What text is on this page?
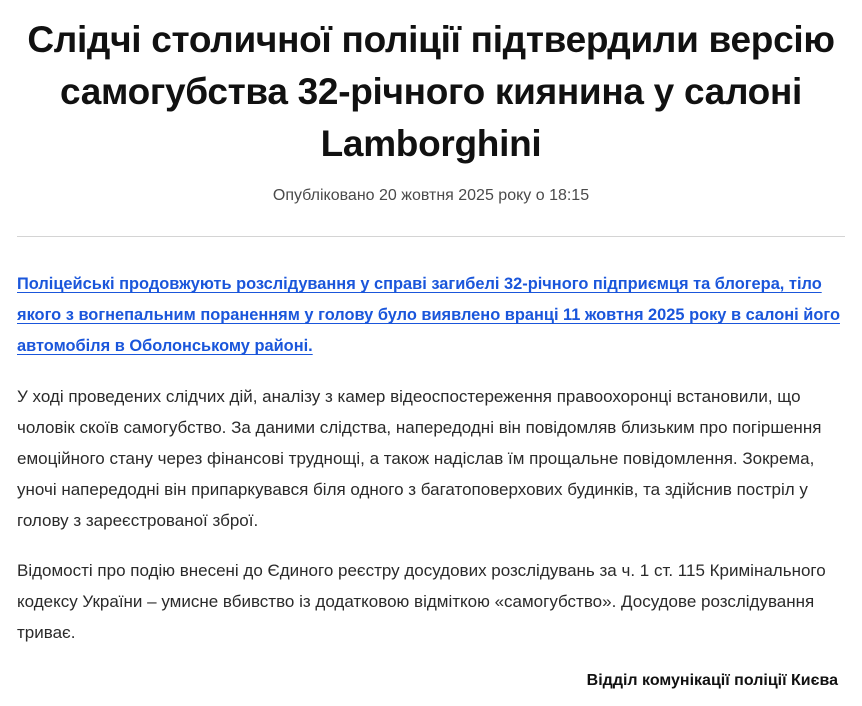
Слідчі столичної поліції підтвердили версію самогубства 32-річного киянина у салоні Lamborghini
Опубліковано 20 жовтня 2025 року о 18:15
Поліцейські продовжують розслідування у справі загибелі 32-річного підприємця та блогера, тіло якого з вогнепальним пораненням у голову було виявлено вранці 11 жовтня 2025 року в салоні його автомобіля в Оболонському районі.

У ході проведених слідчих дій, аналізу з камер відеоспостереження правоохоронці встановили, що чоловік скоїв самогубство. За даними слідства, напередодні він повідомляв близьким про погіршення емоційного стану через фінансові труднощі, а також надіслав їм прощальне повідомлення. Зокрема, уночі напередодні він припаркувався біля одного з багатоповерхових будинків, та здійснив постріл у голову з зареєстрованої зброї.

Відомості про подію внесені до Єдиного реєстру досудових розслідувань за ч. 1 ст. 115 Кримінального кодексу України – умисне вбивство із додатковою відміткою «самогубство». Досудове розслідування триває.

Відділ комунікації поліції Києва
